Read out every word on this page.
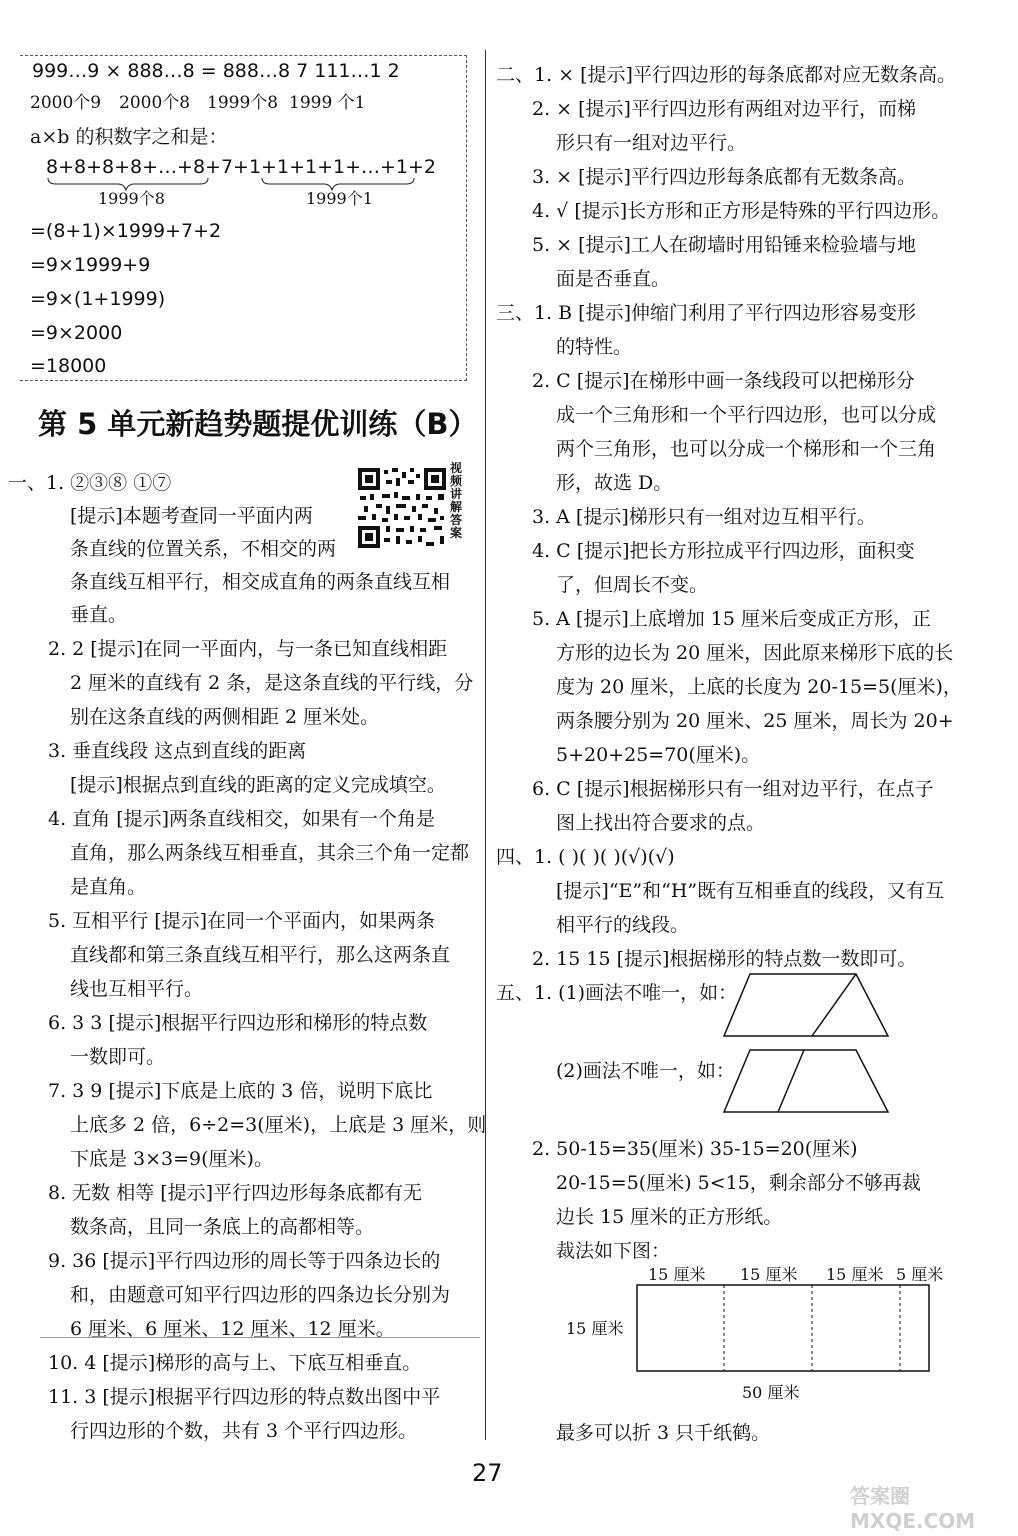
999…9 × 888…8 = 888…8 7 111…1 2
2000个9 2000个8 1999个8 1999 个1
a×b 的积数字之和是：
8+8+8+8+…+8+7+1+1+1+1+…+1+2
1999个8	1999个1
=(8+1)×1999+7+2
=9×1999+9
=9×(1+1999)
=9×2000
=18000
第 5 单元新趋势题提优训练（B）
视频讲解答案
一、1. ②③⑧ ①⑦
[提示]本题考查同一平面内两
条直线的位置关系，不相交的两
条直线互相平行，相交成直角的两条直线互相
垂直。
2. 2 [提示]在同一平面内，与一条已知直线相距
2 厘米的直线有 2 条，是这条直线的平行线，分
别在这条直线的两侧相距 2 厘米处。
3. 垂直线段 这点到直线的距离
[提示]根据点到直线的距离的定义完成填空。
4. 直角 [提示]两条直线相交，如果有一个角是
直角，那么两条线互相垂直，其余三个角一定都
是直角。
5. 互相平行 [提示]在同一个平面内，如果两条
直线都和第三条直线互相平行，那么这两条直
线也互相平行。
6. 3 3 [提示]根据平行四边形和梯形的特点数
一数即可。
7. 3 9 [提示]下底是上底的 3 倍，说明下底比
上底多 2 倍，6÷2=3(厘米)，上底是 3 厘米，则
下底是 3×3=9(厘米)。
8. 无数 相等 [提示]平行四边形每条底都有无
数条高，且同一条底上的高都相等。
9. 36 [提示]平行四边形的周长等于四条边长的
和，由题意可知平行四边形的四条边长分别为
6 厘米、6 厘米、12 厘米、12 厘米。
10. 4 [提示]梯形的高与上、下底互相垂直。
11. 3 [提示]根据平行四边形的特点数出图中平
行四边形的个数，共有 3 个平行四边形。
二、1. × [提示]平行四边形的每条底都对应无数条高。
2. × [提示]平行四边形有两组对边平行，而梯
形只有一组对边平行。
3. × [提示]平行四边形每条底都有无数条高。
4. √ [提示]长方形和正方形是特殊的平行四边形。
5. × [提示]工人在砌墙时用铅锤来检验墙与地
面是否垂直。
三、1. B [提示]伸缩门利用了平行四边形容易变形
的特性。
2. C [提示]在梯形中画一条线段可以把梯形分
成一个三角形和一个平行四边形，也可以分成
两个三角形，也可以分成一个梯形和一个三角
形，故选 D。
3. A [提示]梯形只有一组对边互相平行。
4. C [提示]把长方形拉成平行四边形，面积变
了，但周长不变。
5. A [提示]上底增加 15 厘米后变成正方形，正
方形的边长为 20 厘米，因此原来梯形下底的长
度为 20 厘米，上底的长度为 20-15=5(厘米)，
两条腰分别为 20 厘米、25 厘米，周长为 20+
5+20+25=70(厘米)。
6. C [提示]根据梯形只有一组对边平行，在点子
图上找出符合要求的点。
四、1. ( )( )( )(√)(√)
[提示]“E”和“H”既有互相垂直的线段，又有互
相平行的线段。
2. 15 15 [提示]根据梯形的特点数一数即可。
五、1. (1)画法不唯一，如：
(2)画法不唯一，如：
2. 50-15=35(厘米) 35-15=20(厘米)
20-15=5(厘米) 5<15，剩余部分不够再裁
边长 15 厘米的正方形纸。
裁法如下图：
最多可以折 3 只千纸鹤。
15 厘米 15 厘米 15 厘米 5 厘米
15 厘米
50 厘米
27
答案圈 MXQE.COM
